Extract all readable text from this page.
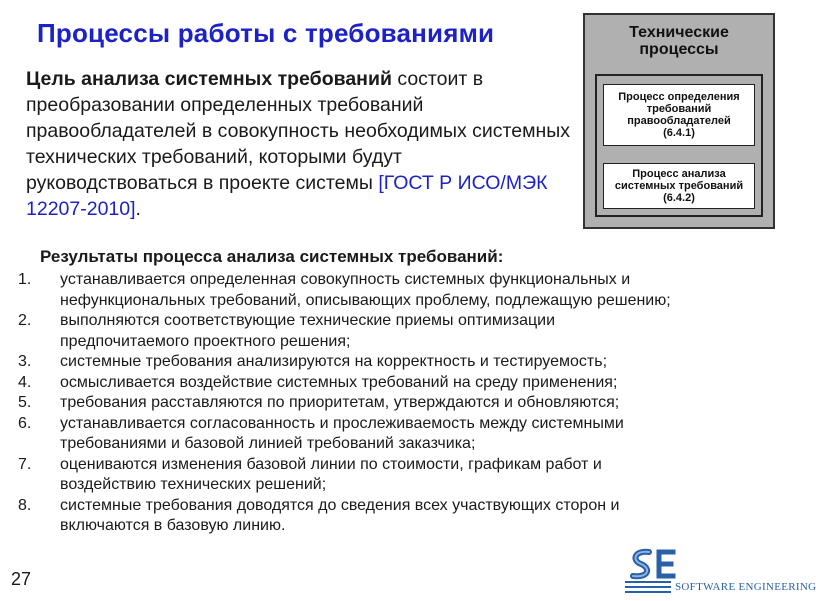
Процессы работы с требованиями
Цель анализа системных требований состоит в преобразовании определенных требований правообладателей в совокупность необходимых системных технических требований, которыми будут руководствоваться в проекте системы [ГОСТ Р ИСО/МЭК 12207-2010].
Технические
процессы
Процесс определения
требований
правообладателей
(6.4.1)
Процесс анализа
системных требований
(6.4.2)
Результаты процесса анализа системных требований:
1.	устанавливается определенная совокупность системных функциональных и
нефункциональных требований, описывающих проблему, подлежащую решению;
2.	выполняются соответствующие технические приемы оптимизации
предпочитаемого проектного решения;
3.	системные требования анализируются на корректность и тестируемость;
4.	осмысливается воздействие системных требований на среду применения;
5.	требования расставляются по приоритетам, утверждаются и обновляются;
6.	устанавливается согласованность и прослеживаемость между системными
требованиями и базовой линией требований заказчика;
7.	оцениваются изменения базовой линии по стоимости, графикам работ и
воздействию технических решений;
8.	системные требования доводятся до сведения всех участвующих сторон и
включаются в базовую линию.
27	SOFTWARE ENGINEERING
